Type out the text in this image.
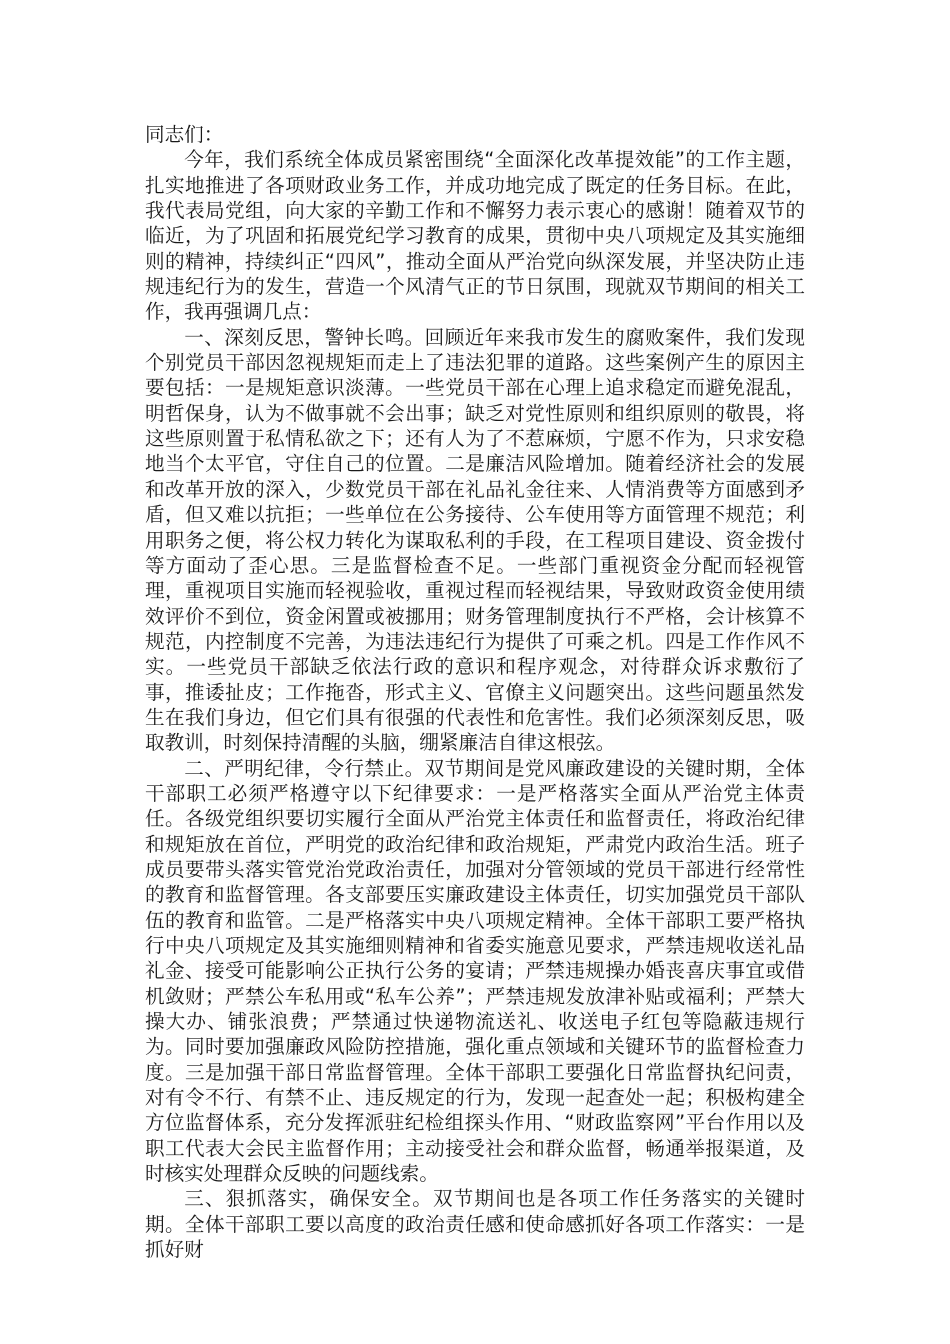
同志们：

今年，我们系统全体成员紧密围绕“全面深化改革提效能”的工作主题，扎实地推进了各项财政业务工作，并成功地完成了既定的任务目标。在此，我代表局党组，向大家的辛勤工作和不懈努力表示衷心的感谢！随着双节的临近，为了巩固和拓展党纪学习教育的成果，贯彻中央八项规定及其实施细则的精神，持续纠正“四风”，推动全面从严治党向纵深发展，并坚决防止违规违纪行为的发生，营造一个风清气正的节日氛围，现就双节期间的相关工作，我再强调几点：

一、深刻反思，警钟长鸣。回顾近年来我市发生的腐败案件，我们发现个别党员干部因忽视规矩而走上了违法犯罪的道路。这些案例产生的原因主要包括：一是规矩意识淡薄。一些党员干部在心理上追求稳定而避免混乱，明哲保身，认为不做事就不会出事；缺乏对党性原则和组织原则的敬畏，将这些原则置于私情私欲之下；还有人为了不惹麻烦，宁愿不作为，只求安稳地当个太平官，守住自己的位置。二是廉洁风险增加。随着经济社会的发展和改革开放的深入，少数党员干部在礼品礼金往来、人情消费等方面感到矛盾，但又难以抗拒；一些单位在公务接待、公车使用等方面管理不规范；利用职务之便，将公权力转化为谋取私利的手段，在工程项目建设、资金拨付等方面动了歪心思。三是监督检查不足。一些部门重视资金分配而轻视管理，重视项目实施而轻视验收，重视过程而轻视结果，导致财政资金使用绩效评价不到位，资金闲置或被挪用；财务管理制度执行不严格，会计核算不规范，内控制度不完善，为违法违纪行为提供了可乘之机。四是工作作风不实。一些党员干部缺乏依法行政的意识和程序观念，对待群众诉求敷衍了事，推诿扯皮；工作拖沓，形式主义、官僚主义问题突出。这些问题虽然发生在我们身边，但它们具有很强的代表性和危害性。我们必须深刻反思，吸取教训，时刻保持清醒的头脑，绷紧廉洁自律这根弦。

二、严明纪律，令行禁止。双节期间是党风廉政建设的关键时期，全体干部职工必须严格遵守以下纪律要求：一是严格落实全面从严治党主体责任。各级党组织要切实履行全面从严治党主体责任和监督责任，将政治纪律和规矩放在首位，严明党的政治纪律和政治规矩，严肃党内政治生活。班子成员要带头落实管党治党政治责任，加强对分管领域的党员干部进行经常性的教育和监督管理。各支部要压实廉政建设主体责任，切实加强党员干部队伍的教育和监管。二是严格落实中央八项规定精神。全体干部职工要严格执行中央八项规定及其实施细则精神和省委实施意见要求，严禁违规收送礼品礼金、接受可能影响公正执行公务的宴请；严禁违规操办婚丧喜庆事宜或借机敛财；严禁公车私用或“私车公养”；严禁违规发放津补贴或福利；严禁大操大办、铺张浪费；严禁通过快递物流送礼、收送电子红包等隐蔽违规行为。同时要加强廉政风险防控措施，强化重点领域和关键环节的监督检查力度。三是加强干部日常监督管理。全体干部职工要强化日常监督执纪问责，对有令不行、有禁不止、违反规定的行为，发现一起查处一起；积极构建全方位监督体系，充分发挥派驻纪检组探头作用、“财政监察网”平台作用以及职工代表大会民主监督作用；主动接受社会和群众监督，畅通举报渠道，及时核实处理群众反映的问题线索。

三、狠抓落实，确保安全。双节期间也是各项工作任务落实的关键时期。全体干部职工要以高度的政治责任感和使命感抓好各项工作落实：一是抓好财
